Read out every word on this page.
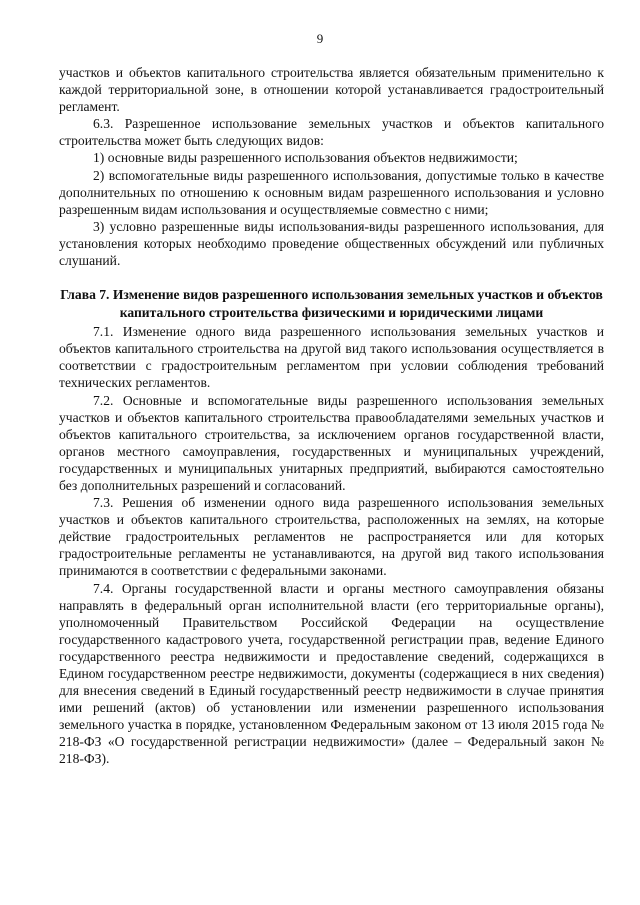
9

участков и объектов капитального строительства является обязательным применительно к каждой территориальной зоне, в отношении которой устанавливается градостроительный регламент.

6.3. Разрешенное использование земельных участков и объектов капитального строительства может быть следующих видов:

1) основные виды разрешенного использования объектов недвижимости;

2) вспомогательные виды разрешенного использования, допустимые только в качестве дополнительных по отношению к основным видам разрешенного использования и условно разрешенным видам использования и осуществляемые совместно с ними;

3) условно разрешенные виды использования-виды разрешенного использования, для установления которых необходимо проведение общественных обсуждений или публичных слушаний.

Глава 7. Изменение видов разрешенного использования земельных участков и объектов капитального строительства физическими и юридическими лицами

7.1. Изменение одного вида разрешенного использования земельных участков и объектов капитального строительства на другой вид такого использования осуществляется в соответствии с градостроительным регламентом при условии соблюдения требований технических регламентов.

7.2. Основные и вспомогательные виды разрешенного использования земельных участков и объектов капитального строительства правообладателями земельных участков и объектов капитального строительства, за исключением органов государственной власти, органов местного самоуправления, государственных и муниципальных учреждений, государственных и муниципальных унитарных предприятий, выбираются самостоятельно без дополнительных разрешений и согласований.

7.3. Решения об изменении одного вида разрешенного использования земельных участков и объектов капитального строительства, расположенных на землях, на которые действие градостроительных регламентов не распространяется или для которых градостроительные регламенты не устанавливаются, на другой вид такого использования принимаются в соответствии с федеральными законами.

7.4. Органы государственной власти и органы местного самоуправления обязаны направлять в федеральный орган исполнительной власти (его территориальные органы), уполномоченный Правительством Российской Федерации на осуществление государственного кадастрового учета, государственной регистрации прав, ведение Единого государственного реестра недвижимости и предоставление сведений, содержащихся в Едином государственном реестре недвижимости, документы (содержащиеся в них сведения) для внесения сведений в Единый государственный реестр недвижимости в случае принятия ими решений (актов) об установлении или изменении разрешенного использования земельного участка в порядке, установленном Федеральным законом от 13 июля 2015 года № 218-ФЗ «О государственной регистрации недвижимости» (далее – Федеральный закон № 218-ФЗ).
